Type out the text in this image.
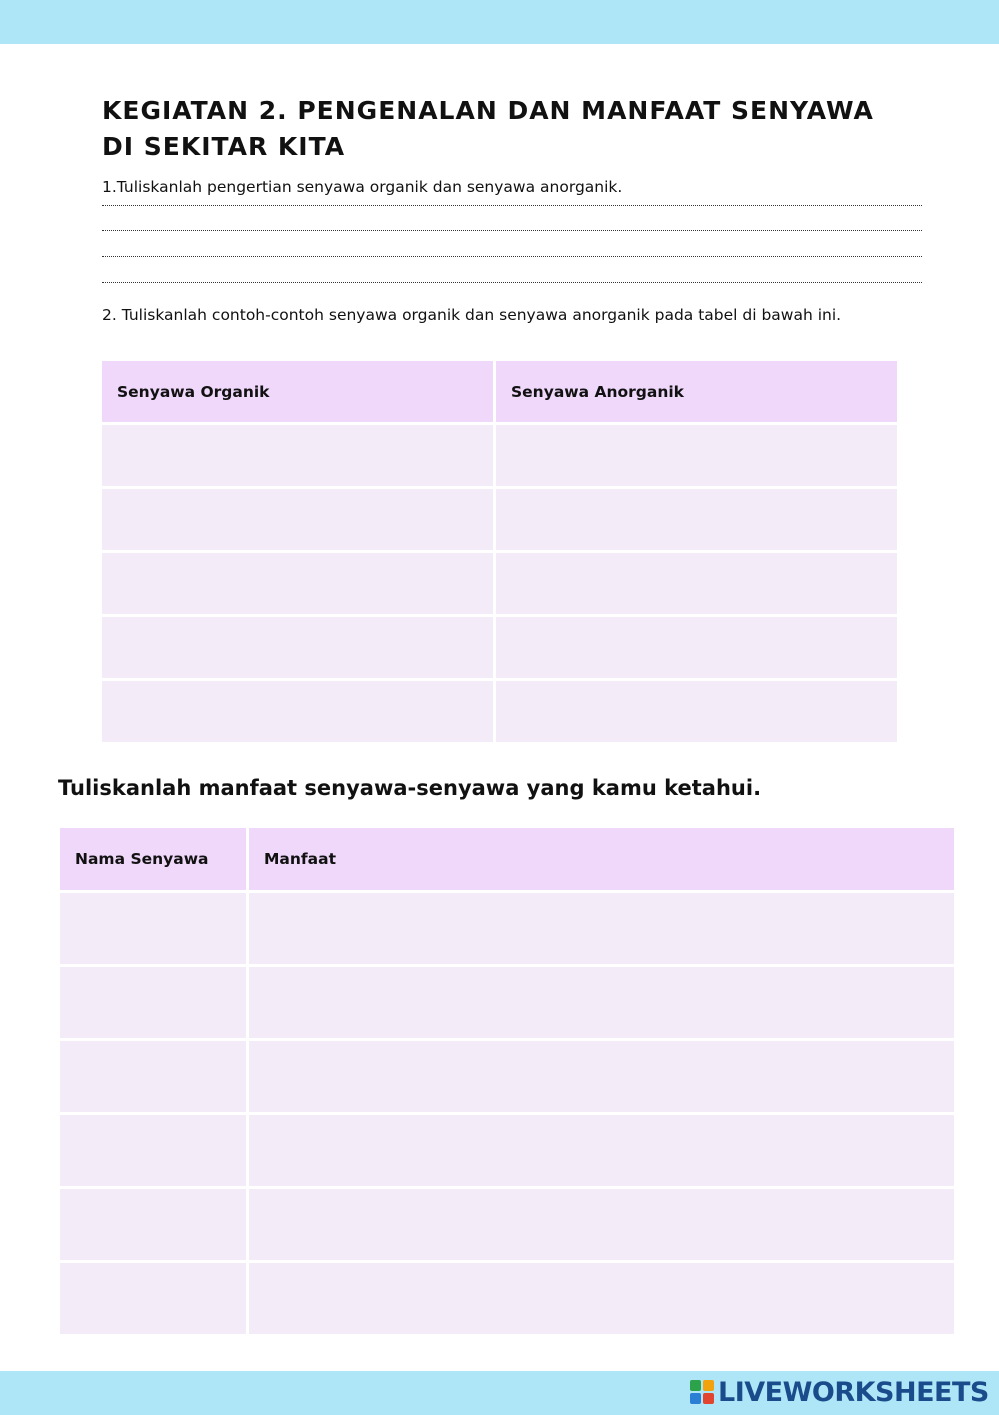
KEGIATAN 2. PENGENALAN DAN MANFAAT SENYAWA DI SEKITAR KITA
1.Tuliskanlah pengertian senyawa organik dan senyawa anorganik.
2. Tuliskanlah contoh-contoh senyawa organik dan senyawa anorganik pada tabel di bawah ini.
Senyawa Organik	Senyawa Anorganik

Tuliskanlah manfaat senyawa-senyawa yang kamu ketahui.
Nama Senyawa	Manfaat

LIVEWORKSHEETS
